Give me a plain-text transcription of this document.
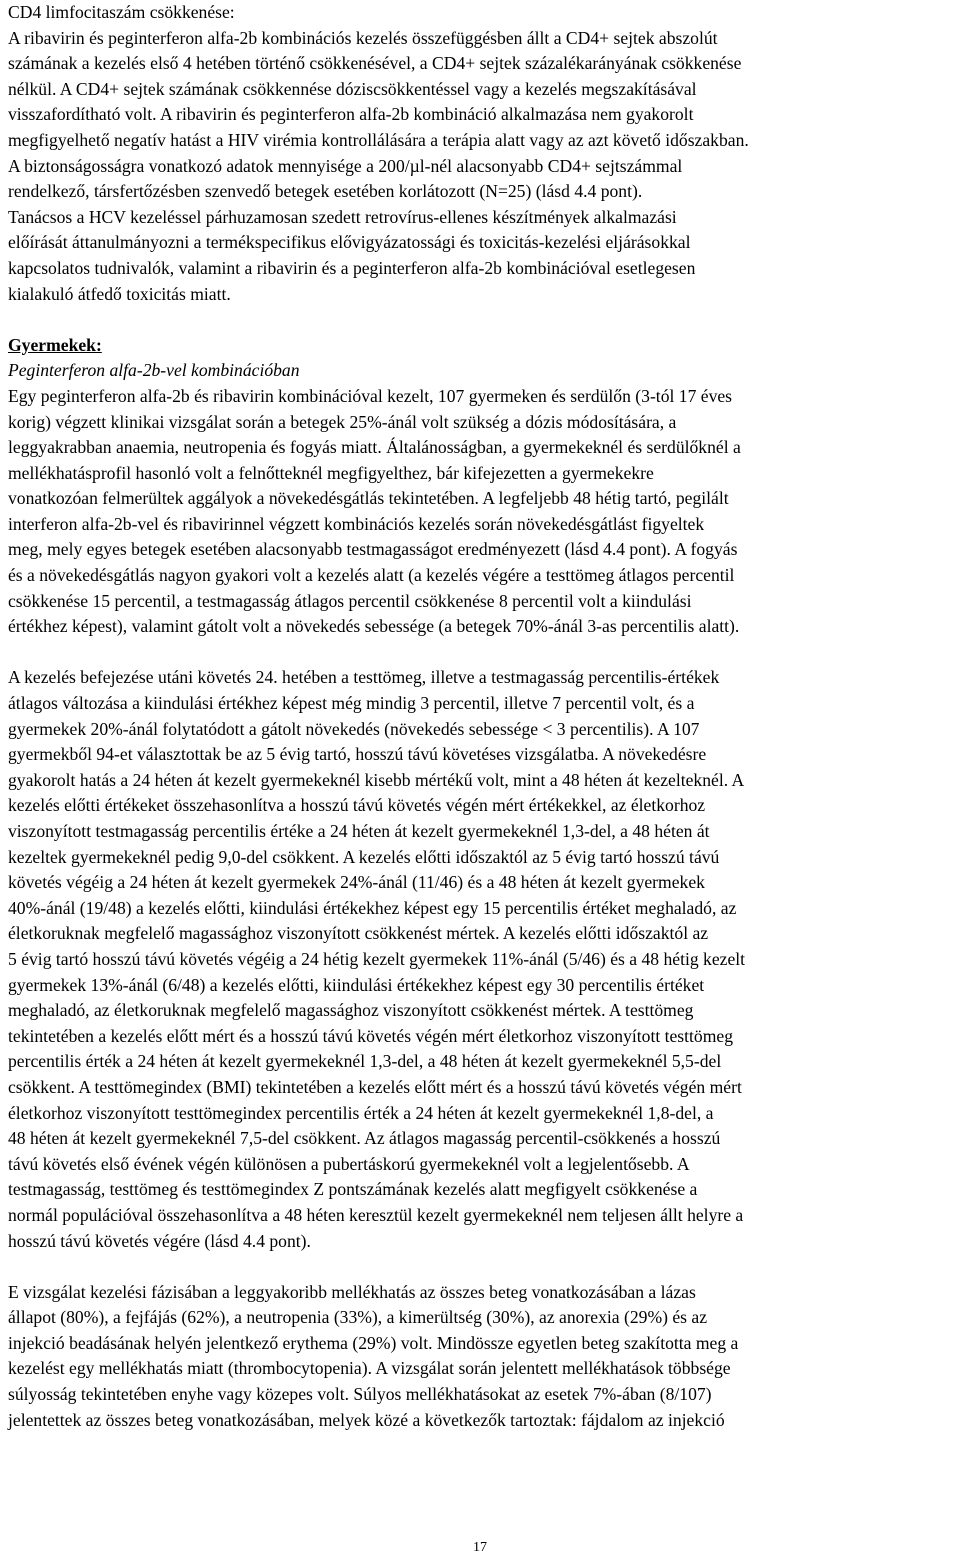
CD4 limfocitaszám csökkenése:
A ribavirin és peginterferon alfa-2b kombinációs kezelés összefüggésben állt a CD4+ sejtek abszolút
számának a kezelés első 4 hetében történő csökkenésével, a CD4+ sejtek százalékarányának csökkenése
nélkül. A CD4+ sejtek számának csökkennése dóziscsökkentéssel vagy a kezelés megszakításával
visszafordítható volt. A ribavirin és peginterferon alfa-2b kombináció alkalmazása nem gyakorolt
megfigyelhető negatív hatást a HIV virémia kontrollálására a terápia alatt vagy az azt követő időszakban.
A biztonságosságra vonatkozó adatok mennyisége a 200/µl-nél alacsonyabb CD4+ sejtszámmal
rendelkező, társfertőzésben szenvedő betegek esetében korlátozott (N=25) (lásd 4.4 pont).
Tanácsos a HCV kezeléssel párhuzamosan szedett retrovírus-ellenes készítmények alkalmazási
előírását áttanulmányozni a termékspecifikus elővigyázatossági és toxicitás-kezelési eljárásokkal
kapcsolatos tudnivalók, valamint a ribavirin és a peginterferon alfa-2b kombinációval esetlegesen
kialakuló átfedő toxicitás miatt.
Gyermekek:
Peginterferon alfa-2b-vel kombinációban
Egy peginterferon alfa-2b és ribavirin kombinációval kezelt, 107 gyermeken és serdülőn (3-tól 17 éves
korig) végzett klinikai vizsgálat során a betegek 25%-ánál volt szükség a dózis módosítására, a
leggyakrabban anaemia, neutropenia és fogyás miatt. Általánosságban, a gyermekeknél és serdülőknél a
mellékhatásprofil hasonló volt a felnőtteknél megfigyelthez, bár kifejezetten a gyermekekre
vonatkozóan felmerültek aggályok a növekedésgátlás tekintetében. A legfeljebb 48 hétig tartó, pegilált
interferon alfa-2b-vel és ribavirinnel végzett kombinációs kezelés során növekedésgátlást figyeltek
meg, mely egyes betegek esetében alacsonyabb testmagasságot eredményezett (lásd 4.4 pont). A fogyás
és a növekedésgátlás nagyon gyakori volt a kezelés alatt (a kezelés végére a testtömeg átlagos percentil
csökkenése 15 percentil, a testmagasság átlagos percentil csökkenése 8 percentil volt a kiindulási
értékhez képest), valamint gátolt volt a növekedés sebessége (a betegek 70%-ánál 3-as percentilis alatt).
A kezelés befejezése utáni követés 24. hetében a testtömeg, illetve a testmagasság percentilis-értékek
átlagos változása a kiindulási értékhez képest még mindig 3 percentil, illetve 7 percentil volt, és a
gyermekek 20%-ánál folytatódott a gátolt növekedés (növekedés sebessége < 3 percentilis). A 107
gyermekből 94-et választottak be az 5 évig tartó, hosszú távú követéses vizsgálatba. A növekedésre
gyakorolt hatás a 24 héten át kezelt gyermekeknél kisebb mértékű volt, mint a 48 héten át kezelteknél. A
kezelés előtti értékeket összehasonlítva a hosszú távú követés végén mért értékekkel, az életkorhoz
viszonyított testmagasság percentilis értéke a 24 héten át kezelt gyermekeknél 1,3-del, a 48 héten át
kezeltek gyermekeknél pedig 9,0-del csökkent. A kezelés előtti időszaktól az 5 évig tartó hosszú távú
követés végéig a 24 héten át kezelt gyermekek 24%-ánál (11/46) és a 48 héten át kezelt gyermekek
40%-ánál (19/48) a kezelés előtti, kiindulási értékekhez képest egy 15 percentilis értéket meghaladó, az
életkoruknak megfelelő magassághoz viszonyított csökkenést mértek. A kezelés előtti időszaktól az
5 évig tartó hosszú távú követés végéig a 24 hétig kezelt gyermekek 11%-ánál (5/46) és a 48 hétig kezelt
gyermekek 13%-ánál (6/48) a kezelés előtti, kiindulási értékekhez képest egy 30 percentilis értéket
meghaladó, az életkoruknak megfelelő magassághoz viszonyított csökkenést mértek. A testtömeg
tekintetében a kezelés előtt mért és a hosszú távú követés végén mért életkorhoz viszonyított testtömeg
percentilis érték a 24 héten át kezelt gyermekeknél 1,3-del, a 48 héten át kezelt gyermekeknél 5,5-del
csökkent. A testtömegindex (BMI) tekintetében a kezelés előtt mért és a hosszú távú követés végén mért
életkorhoz viszonyított testtömegindex percentilis érték a 24 héten át kezelt gyermekeknél 1,8-del, a
48 héten át kezelt gyermekeknél 7,5-del csökkent. Az átlagos magasság percentil-csökkenés a hosszú
távú követés első évének végén különösen a pubertáskorú gyermekeknél volt a legjelentősebb. A
testmagasság, testtömeg és testtömegindex Z pontszámának kezelés alatt megfigyelt csökkenése a
normál populációval összehasonlítva a 48 héten keresztül kezelt gyermekeknél nem teljesen állt helyre a
hosszú távú követés végére (lásd 4.4 pont).
E vizsgálat kezelési fázisában a leggyakoribb mellékhatás az összes beteg vonatkozásában a lázas
állapot (80%), a fejfájás (62%), a neutropenia (33%), a kimerültség (30%), az anorexia (29%) és az
injekció beadásának helyén jelentkező erythema (29%) volt. Mindössze egyetlen beteg szakította meg a
kezelést egy mellékhatás miatt (thrombocytopenia). A vizsgálat során jelentett mellékhatások többsége
súlyosság tekintetében enyhe vagy közepes volt. Súlyos mellékhatásokat az esetek 7%-ában (8/107)
jelentettek az összes beteg vonatkozásában, melyek közé a következők tartoztak: fájdalom az injekció
17
